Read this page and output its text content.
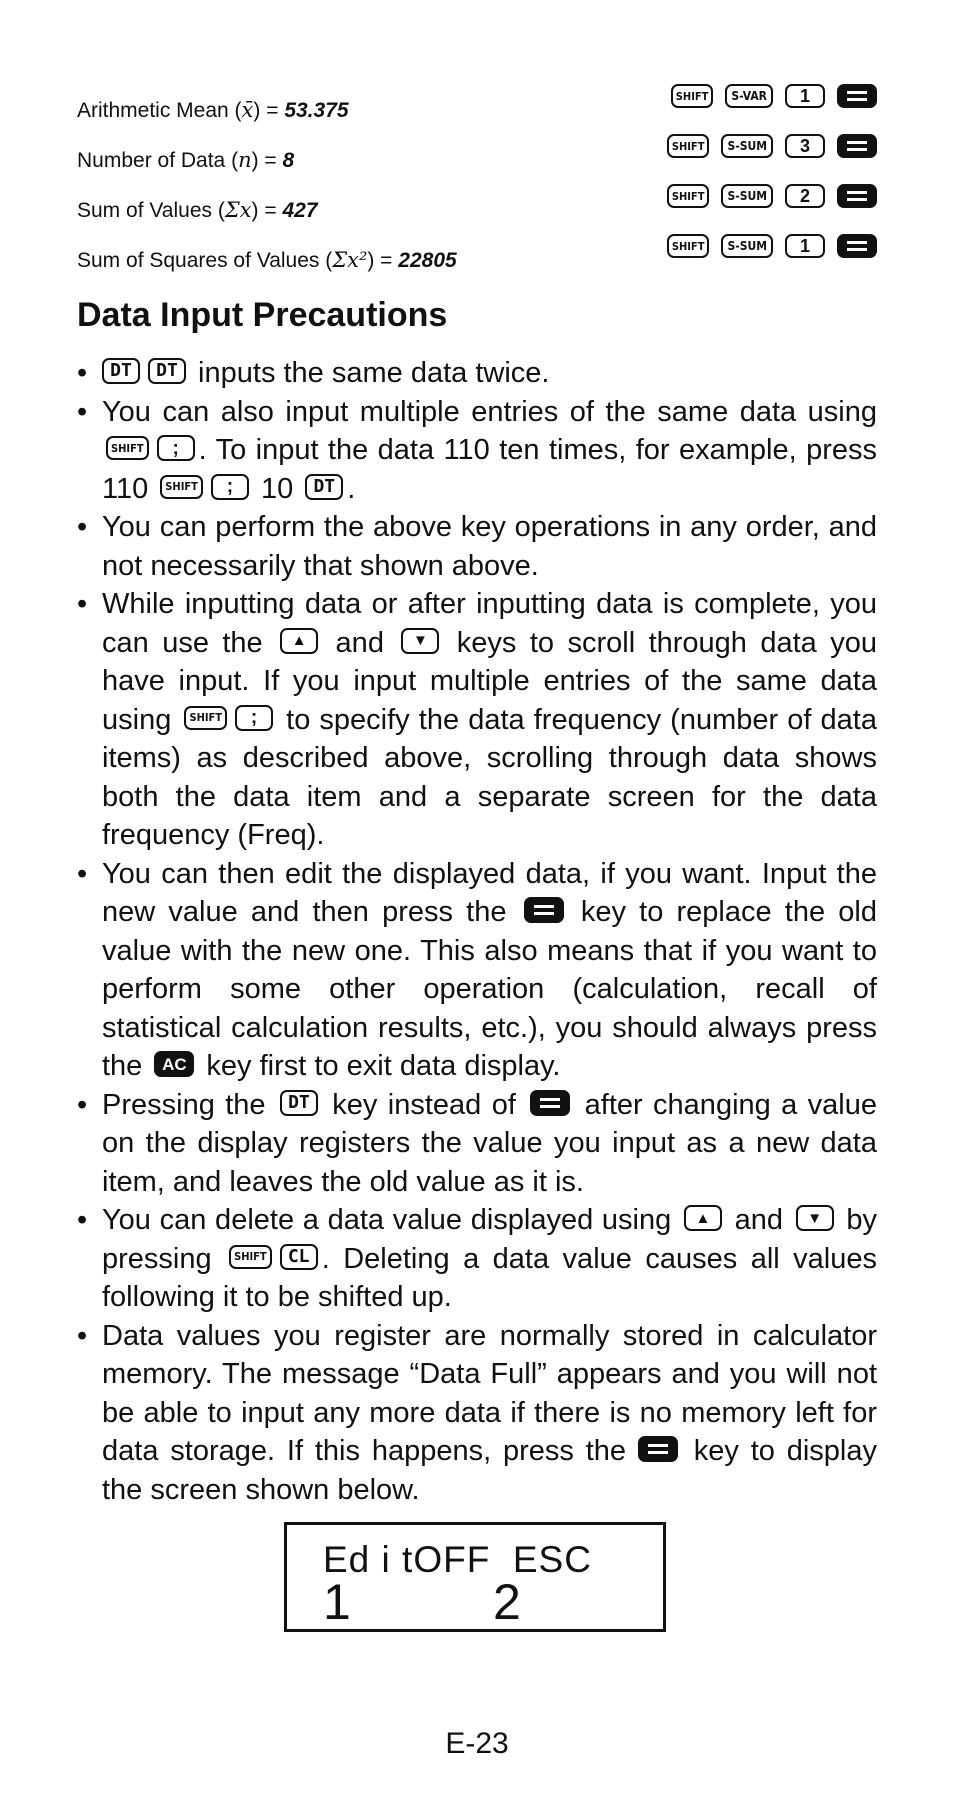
Arithmetic Mean (x̄) = 53.375
SHIFT	S-VAR	1
Number of Data (n) = 8
SHIFT	S-SUM	3
Sum of Values (Σx) = 427
SHIFT	S-SUM	2
Sum of Squares of Values (Σx²) = 22805
SHIFT	S-SUM	1
Data Input Precautions
• DT DT inputs the same data twice.
• You can also input multiple entries of the same data using SHIFT ; . To input the data 110 ten times, for example, press 110 SHIFT ; 10 DT .
• You can perform the above key operations in any order, and not necessarily that shown above.
• While inputting data or after inputting data is complete, you can use the ▲ and ▼ keys to scroll through data you have input. If you input multiple entries of the same data using SHIFT ; to specify the data frequency (number of data items) as described above, scrolling through data shows both the data item and a separate screen for the data frequency (Freq).
• You can then edit the displayed data, if you want. Input the new value and then press the
key to replace the old value with the new one. This also means that if you want to perform some other operation (calculation, recall of statistical calculation results, etc.), you should always press the AC key first to exit data display.
• Pressing the DT key instead of
after changing a value on the display registers the value you input as a new data item, and leaves the old value as it is.
• You can delete a data value displayed using ▲ and ▼ by pressing SHIFT CL . Deleting a data value causes all values following it to be shifted up.
• Data values you register are normally stored in calculator memory. The message “Data Full” appears and you will not be able to input any more data if there is no memory left for data storage. If this happens, press the
key to display the screen shown below.
Ed i tOFF  ESC
1	2
E-23
